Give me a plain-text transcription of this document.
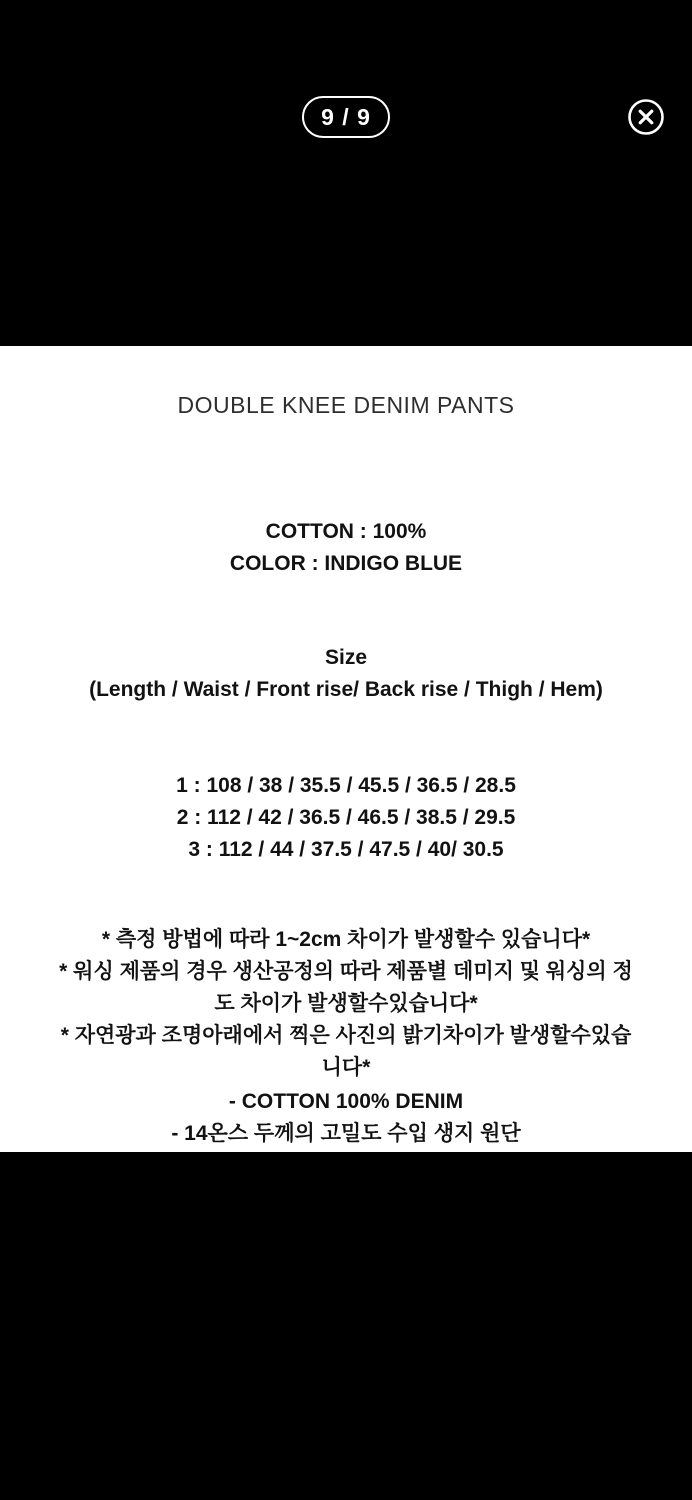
9 / 9
DOUBLE KNEE DENIM PANTS

COTTON : 100%

COLOR : INDIGO BLUE

Size

(Length / Waist / Front rise/ Back rise / Thigh / Hem)

1 : 108 / 38 / 35.5 / 45.5 / 36.5 / 28.5

2 : 112 / 42 / 36.5 / 46.5 / 38.5 / 29.5

3 : 112 / 44 / 37.5 / 47.5 / 40/ 30.5

* 측정 방법에 따라 1~2cm 차이가 발생할수 있습니다*

* 워싱 제품의 경우 생산공정의 따라 제품별 데미지 및 워싱의 정도 차이가 발생할수있습니다*

* 자연광과 조명아래에서 찍은 사진의 밝기차이가 발생할수있습니다*

- COTTON 100% DENIM

- 14온스 두께의 고밀도 수입 생지 원단
